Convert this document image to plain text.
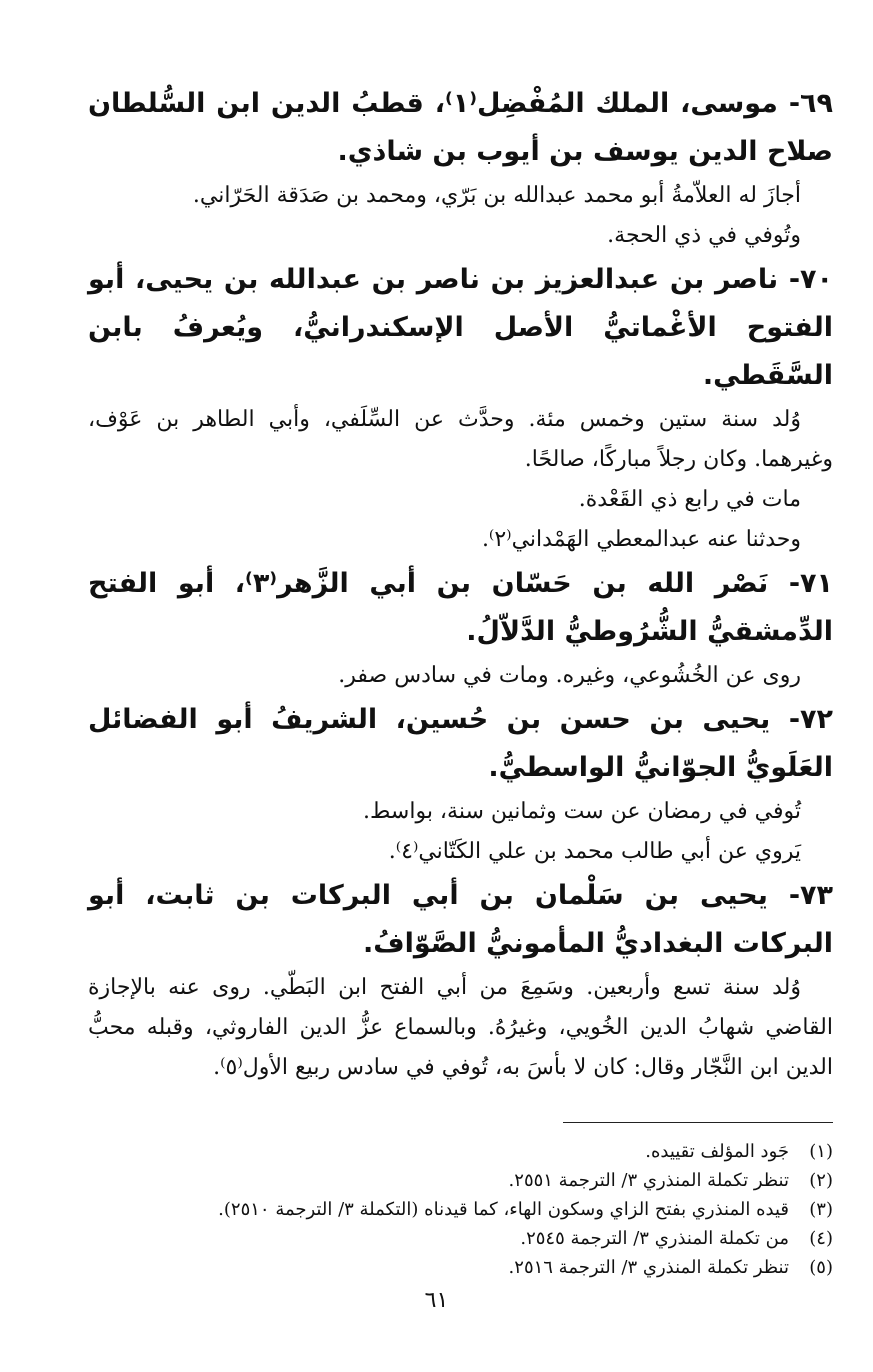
٦٩- موسى، الملك المُفْضِل⁽١⁾، قطبُ الدين ابن السُّلطان صلاح الدين يوسف بن أيوب بن شاذي.

أجازَ له العلاّمةُ أبو محمد عبدالله بن بَرّي، ومحمد بن صَدَقة الحَرّاني.

وتُوفي في ذي الحجة.

٧٠- ناصر بن عبدالعزيز بن ناصر بن عبدالله بن يحيى، أبو الفتوح الأغْماتيُّ الأصل الإسكندرانيُّ، ويُعرفُ بابن السَّقَطي.

وُلد سنة ستين وخمس مئة. وحدَّث عن السِّلَفي، وأبي الطاهر بن عَوْف، وغيرهما. وكان رجلاً مباركًا، صالحًا.

مات في رابع ذي القَعْدة.

وحدثنا عنه عبدالمعطي الهَمْداني⁽٢⁾.

٧١- نَصْر الله بن حَسّان بن أبي الزَّهر⁽٣⁾، أبو الفتح الدِّمشقيُّ الشُّرُوطيُّ الدَّلاّلُ.

روى عن الخُشُوعي، وغيره. ومات في سادس صفر.

٧٢- يحيى بن حسن بن حُسين، الشريفُ أبو الفضائل العَلَويُّ الجوّانيُّ الواسطيُّ.

تُوفي في رمضان عن ست وثمانين سنة، بواسط.

يَروي عن أبي طالب محمد بن علي الكَتّاني⁽٤⁾.

٧٣- يحيى بن سَلْمان بن أبي البركات بن ثابت، أبو البركات البغداديُّ المأمونيُّ الصَّوّافُ.

وُلد سنة تسع وأربعين. وسَمِعَ من أبي الفتح ابن البَطّي. روى عنه بالإجازة القاضي شهابُ الدين الخُويي، وغيرُهُ. وبالسماع عزُّ الدين الفاروثي، وقبله محبُّ الدين ابن النَّجّار وقال: كان لا بأسَ به، تُوفي في سادس ربيع الأول⁽٥⁾.

(١)
جَود المؤلف تقييده.
(٢)
تنظر تكملة المنذري ٣/ الترجمة ٢٥٥١.
(٣)
قيده المنذري بفتح الزاي وسكون الهاء، كما قيدناه (التكملة ٣/ الترجمة ٢٥١٠).
(٤)
من تكملة المنذري ٣/ الترجمة ٢٥٤٥.
(٥)
تنظر تكملة المنذري ٣/ الترجمة ٢٥١٦.
٦١
